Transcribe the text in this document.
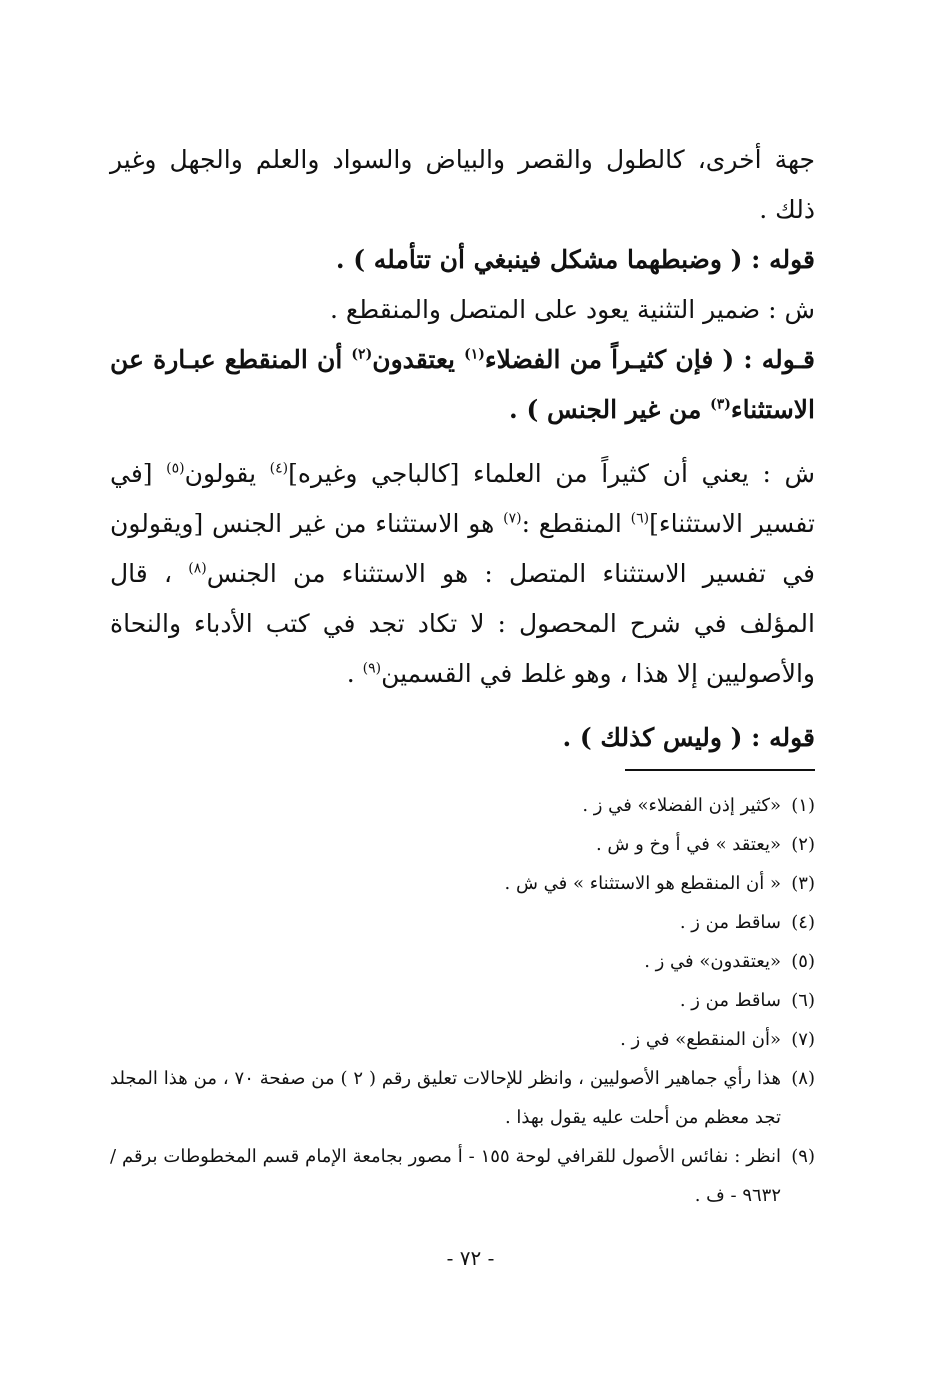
جهة أخرى، كالطول والقصر والبياض والسواد والعلم والجهل وغير ذلك .

قوله : ( وضبطهما مشكل فينبغي أن تتأمله ) .

ش : ضمير التثنية يعود على المتصل والمنقطع .

قـوله : ( فإن كثيـراً من الفضلاء$^{(١)}$ يعتقدون$^{(٢)}$ أن المنقطع عبـارة عن الاستثناء$^{(٣)}$ من غير الجنس ) .

ش : يعني أن كثيراً من العلماء [كالباجي وغيره]$^{(٤)}$ يقولون$^{(٥)}$ [في تفسير الاستثناء]$^{(٦)}$ المنقطع :$^{(٧)}$ هو الاستثناء من غير الجنس [ويقولون في تفسير الاستثناء المتصل : هو الاستثناء من الجنس$^{(٨)}$ ، قال المؤلف في شرح المحصول : لا تكاد تجد في كتب الأدباء والنحاة والأصوليين إلا هذا ، وهو غلط في القسمين$^{(٩)}$ .

قوله : ( وليس كذلك ) .

(١)
«كثير إذن الفضلاء» في ز .
(٢)
«يعتقد » في أ وخ و ش .
(٣)
« أن المنقطع هو الاستثناء » في ش .
(٤)
ساقط من ز .
(٥)
«يعتقدون» في ز .
(٦)
ساقط من ز .
(٧)
«أن المنقطع» في ز .
(٨)
هذا رأي جماهير الأصوليين ، وانظر للإحالات تعليق رقم ( ٢ ) من صفحة ٧٠ ، من هذا المجلد تجد معظم من أحلت عليه يقول بهذا .
(٩)
انظر : نفائس الأصول للقرافي لوحة ١٥٥ - أ مصور بجامعة الإمام قسم المخطوطات برقم / ٩٦٣٢ - ف .
- ٧٢ -
